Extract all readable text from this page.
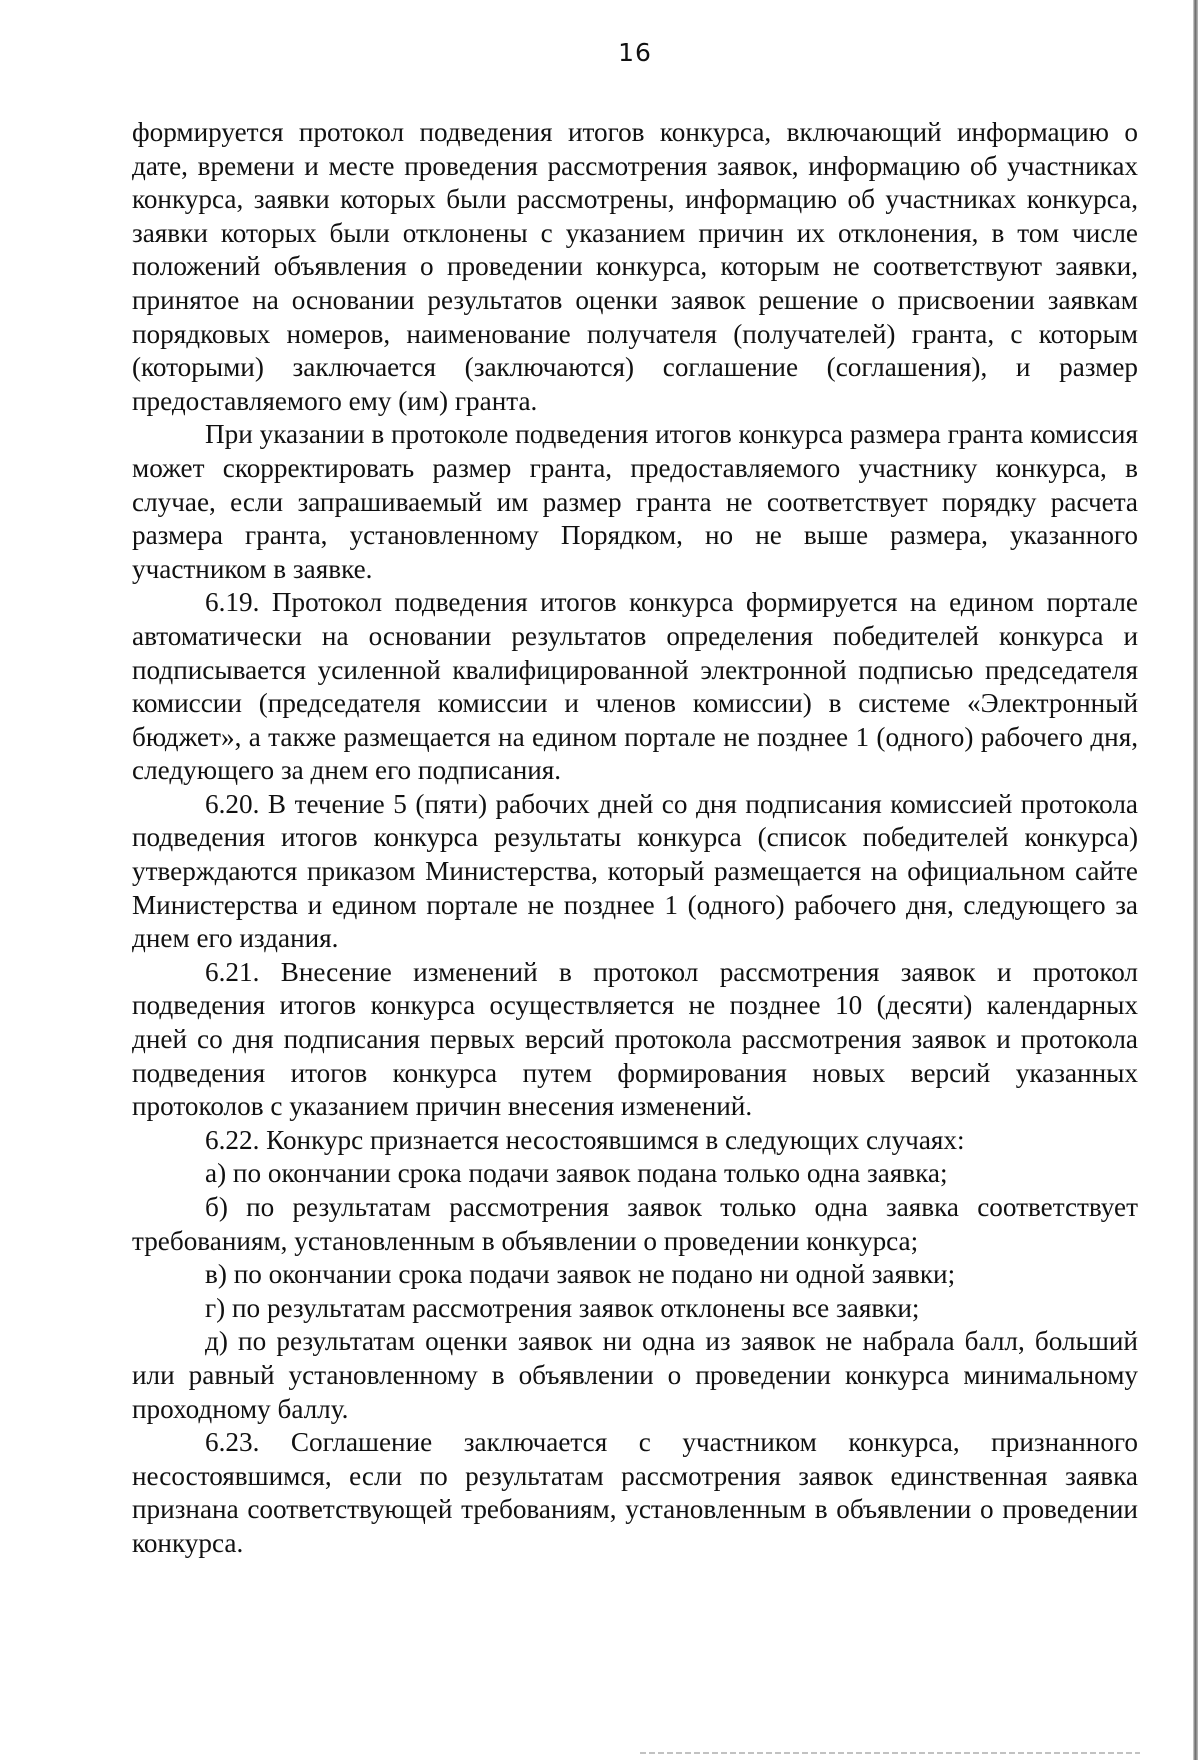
16

формируется протокол подведения итогов конкурса, включающий информацию о дате, времени и месте проведения рассмотрения заявок, информацию об участниках конкурса, заявки которых были рассмотрены, информацию об участниках конкурса, заявки которых были отклонены с указанием причин их отклонения, в том числе положений объявления о проведении конкурса, которым не соответствуют заявки, принятое на основании результатов оценки заявок решение о присвоении заявкам порядковых номеров, наименование получателя (получателей) гранта, с которым (которыми) заключается (заключаются) соглашение (соглашения), и размер предоставляемого ему (им) гранта.

При указании в протоколе подведения итогов конкурса размера гранта комиссия может скорректировать размер гранта, предоставляемого участнику конкурса, в случае, если запрашиваемый им размер гранта не соответствует порядку расчета размера гранта, установленному Порядком, но не выше размера, указанного участником в заявке.

6.19. Протокол подведения итогов конкурса формируется на едином портале автоматически на основании результатов определения победителей конкурса и подписывается усиленной квалифицированной электронной подписью председателя комиссии (председателя комиссии и членов комиссии) в системе «Электронный бюджет», а также размещается на едином портале не позднее 1 (одного) рабочего дня, следующего за днем его подписания.

6.20. В течение 5 (пяти) рабочих дней со дня подписания комиссией протокола подведения итогов конкурса результаты конкурса (список победителей конкурса) утверждаются приказом Министерства, который размещается на официальном сайте Министерства и едином портале не позднее 1 (одного) рабочего дня, следующего за днем его издания.

6.21. Внесение изменений в протокол рассмотрения заявок и протокол подведения итогов конкурса осуществляется не позднее 10 (десяти) календарных дней со дня подписания первых версий протокола рассмотрения заявок и протокола подведения итогов конкурса путем формирования новых версий указанных протоколов с указанием причин внесения изменений.

6.22. Конкурс признается несостоявшимся в следующих случаях:

а) по окончании срока подачи заявок подана только одна заявка;

б) по результатам рассмотрения заявок только одна заявка соответствует требованиям, установленным в объявлении о проведении конкурса;

в) по окончании срока подачи заявок не подано ни одной заявки;

г) по результатам рассмотрения заявок отклонены все заявки;

д) по результатам оценки заявок ни одна из заявок не набрала балл, больший или равный установленному в объявлении о проведении конкурса минимальному проходному баллу.

6.23. Соглашение заключается с участником конкурса, признанного несостоявшимся, если по результатам рассмотрения заявок единственная заявка признана соответствующей требованиям, установленным в объявлении о проведении конкурса.
